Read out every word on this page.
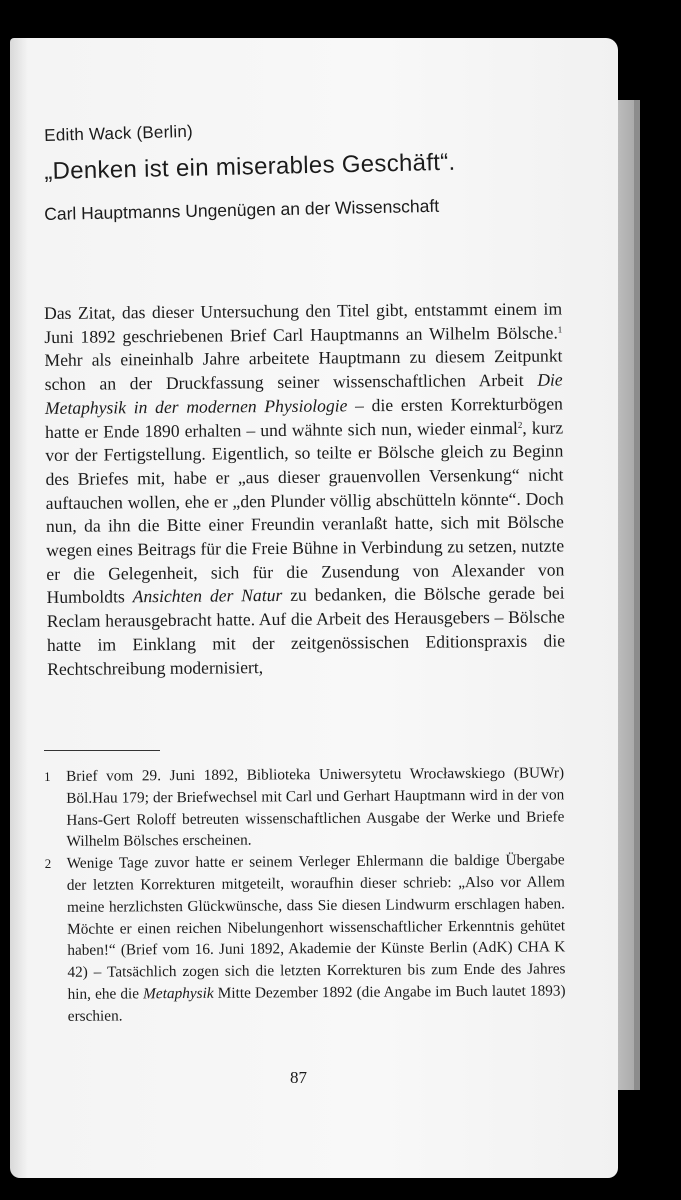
Edith Wack (Berlin)
„Denken ist ein miserables Geschäft“.
Carl Hauptmanns Ungenügen an der Wissenschaft

Das Zitat, das dieser Untersuchung den Titel gibt, entstammt einem im Juni 1892 geschriebenen Brief Carl Hauptmanns an Wilhelm Bölsche.$^1$ Mehr als eineinhalb Jahre arbeitete Hauptmann zu diesem Zeitpunkt schon an der Druckfassung seiner wissenschaftlichen Arbeit Die Metaphysik in der modernen Physiologie – die ersten Korrekturbögen hatte er Ende 1890 erhalten – und wähnte sich nun, wieder einmal$^2$, kurz vor der Fertigstellung. Eigentlich, so teilte er Bölsche gleich zu Beginn des Briefes mit, habe er „aus dieser grauenvollen Versenkung“ nicht auftauchen wollen, ehe er „den Plunder völlig abschütteln könnte“. Doch nun, da ihn die Bitte einer Freundin veranlaßt hatte, sich mit Bölsche wegen eines Beitrags für die Freie Bühne in Verbindung zu setzen, nutzte er die Gelegenheit, sich für die Zusendung von Alexander von Humboldts Ansichten der Natur zu bedanken, die Bölsche gerade bei Reclam herausgebracht hatte. Auf die Arbeit des Herausgebers – Bölsche hatte im Einklang mit der zeitgenössischen Editionspraxis die Rechtschreibung modernisiert,

1 Brief vom 29. Juni 1892, Biblioteka Uniwersytetu Wrocławskiego (BUWr) Böl.Hau 179; der Briefwechsel mit Carl und Gerhart Hauptmann wird in der von Hans-Gert Roloff betreuten wissenschaftlichen Ausgabe der Werke und Briefe Wilhelm Bölsches erscheinen.
2 Wenige Tage zuvor hatte er seinem Verleger Ehlermann die baldige Übergabe der letzten Korrekturen mitgeteilt, woraufhin dieser schrieb: „Also vor Allem meine herzlichsten Glückwünsche, dass Sie diesen Lindwurm erschlagen haben. Möchte er einen reichen Nibelungenhort wissenschaftlicher Erkenntnis gehütet haben!“ (Brief vom 16. Juni 1892, Akademie der Künste Berlin (AdK) CHA K 42) – Tatsächlich zogen sich die letzten Korrekturen bis zum Ende des Jahres hin, ehe die Metaphysik Mitte Dezember 1892 (die Angabe im Buch lautet 1893) erschien.
87
